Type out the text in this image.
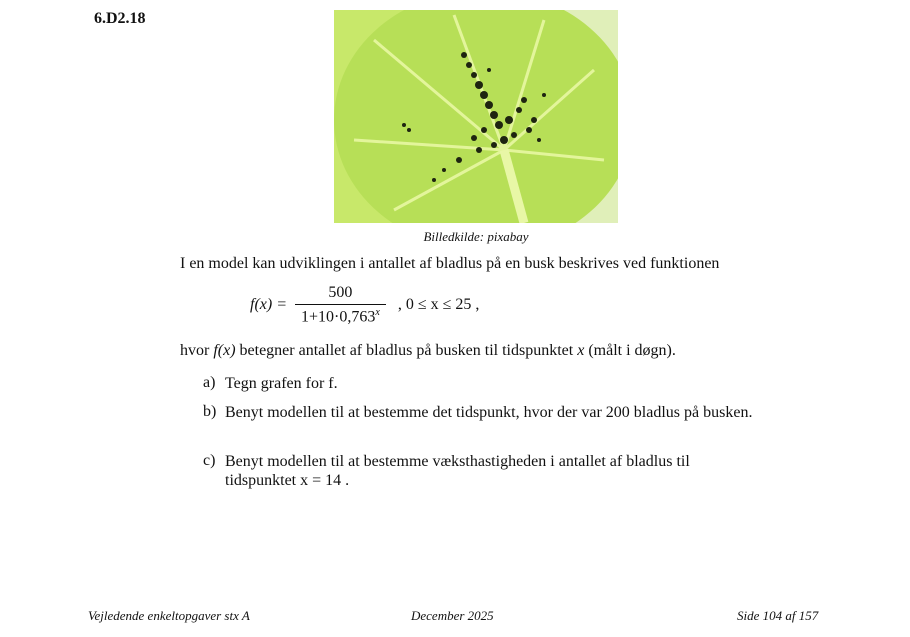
6.D2.18
Billedkilde: pixabay
I en model kan udviklingen i antallet af bladlus på en busk beskrives ved funktionen
$f(x) = \frac{500}{1+10\cdot 0,763^x}$ , 0 ≤ x ≤ 25 ,
hvor f(x) betegner antallet af bladlus på busken til tidspunktet x (målt i døgn).
a) Tegn grafen for f.
b) Benyt modellen til at bestemme det tidspunkt, hvor der var 200 bladlus på busken.
c) Benyt modellen til at bestemme væksthastigheden i antallet af bladlus til tidspunktet x = 14 .
Vejledende enkeltopgaver stx A	December 2025	Side 104 af 157
